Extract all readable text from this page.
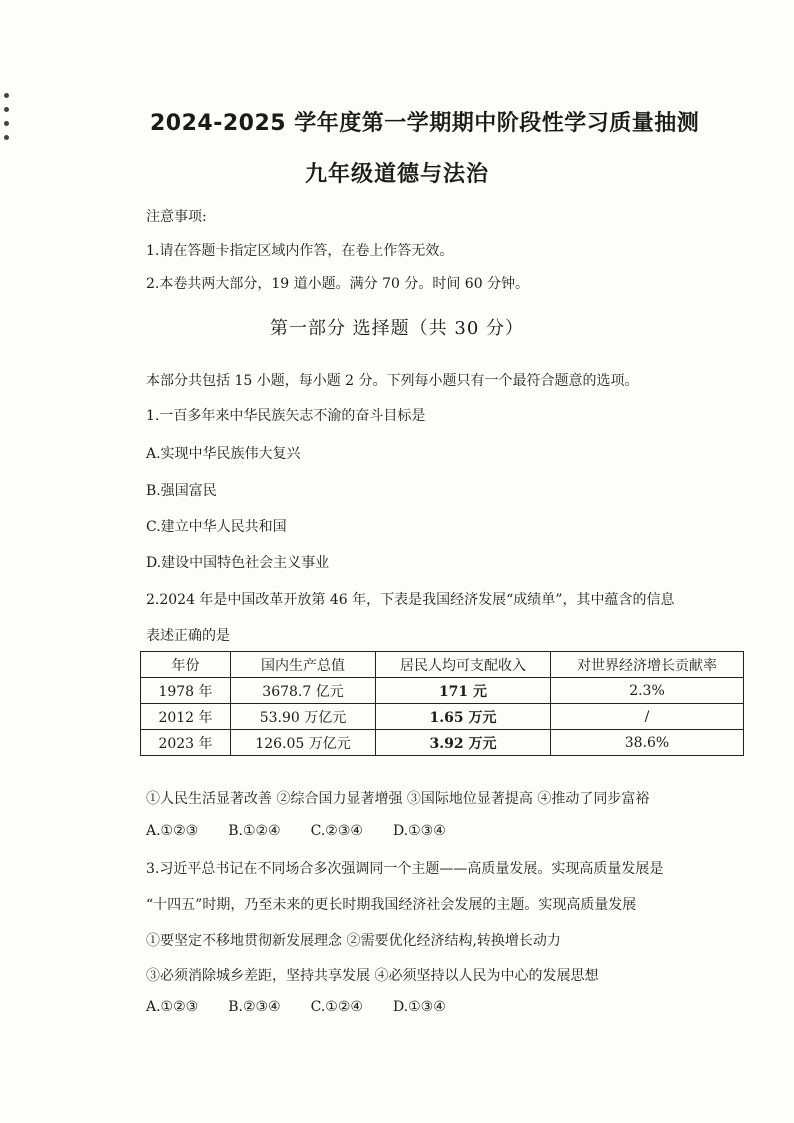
2024-2025 学年度第一学期期中阶段性学习质量抽测
九年级道德与法治
注意事项:
1.请在答题卡指定区域内作答，在卷上作答无效。
2.本卷共两大部分，19 道小题。满分 70 分。时间 60 分钟。
第一部分 选择题（共 30 分）
本部分共包括 15 小题，每小题 2 分。下列每小题只有一个最符合题意的选项。
1.一百多年来中华民族矢志不渝的奋斗目标是
A.实现中华民族伟大复兴
B.强国富民
C.建立中华人民共和国
D.建设中国特色社会主义事业
2.2024 年是中国改革开放第 46 年，下表是我国经济发展“成绩单”，其中蕴含的信息
表述正确的是
年份	国内生产总值	居民人均可支配收入	对世界经济增长贡献率
1978 年	3678.7 亿元	171 元	2.3%
2012 年	53.90 万亿元	1.65 万元	/
2023 年	126.05 万亿元	3.92 万元	38.6%
①人民生活显著改善 ②综合国力显著增强 ③国际地位显著提高 ④推动了同步富裕
A.①②③ B.①②④ C.②③④ D.①③④
3.习近平总书记在不同场合多次强调同一个主题——高质量发展。实现高质量发展是
“十四五”时期，乃至未来的更长时期我国经济社会发展的主题。实现高质量发展
①要坚定不移地贯彻新发展理念 ②需要优化经济结构,转换增长动力
③必须消除城乡差距，坚持共享发展 ④必须坚持以人民为中心的发展思想
A.①②③ B.②③④ C.①②④ D.①③④
